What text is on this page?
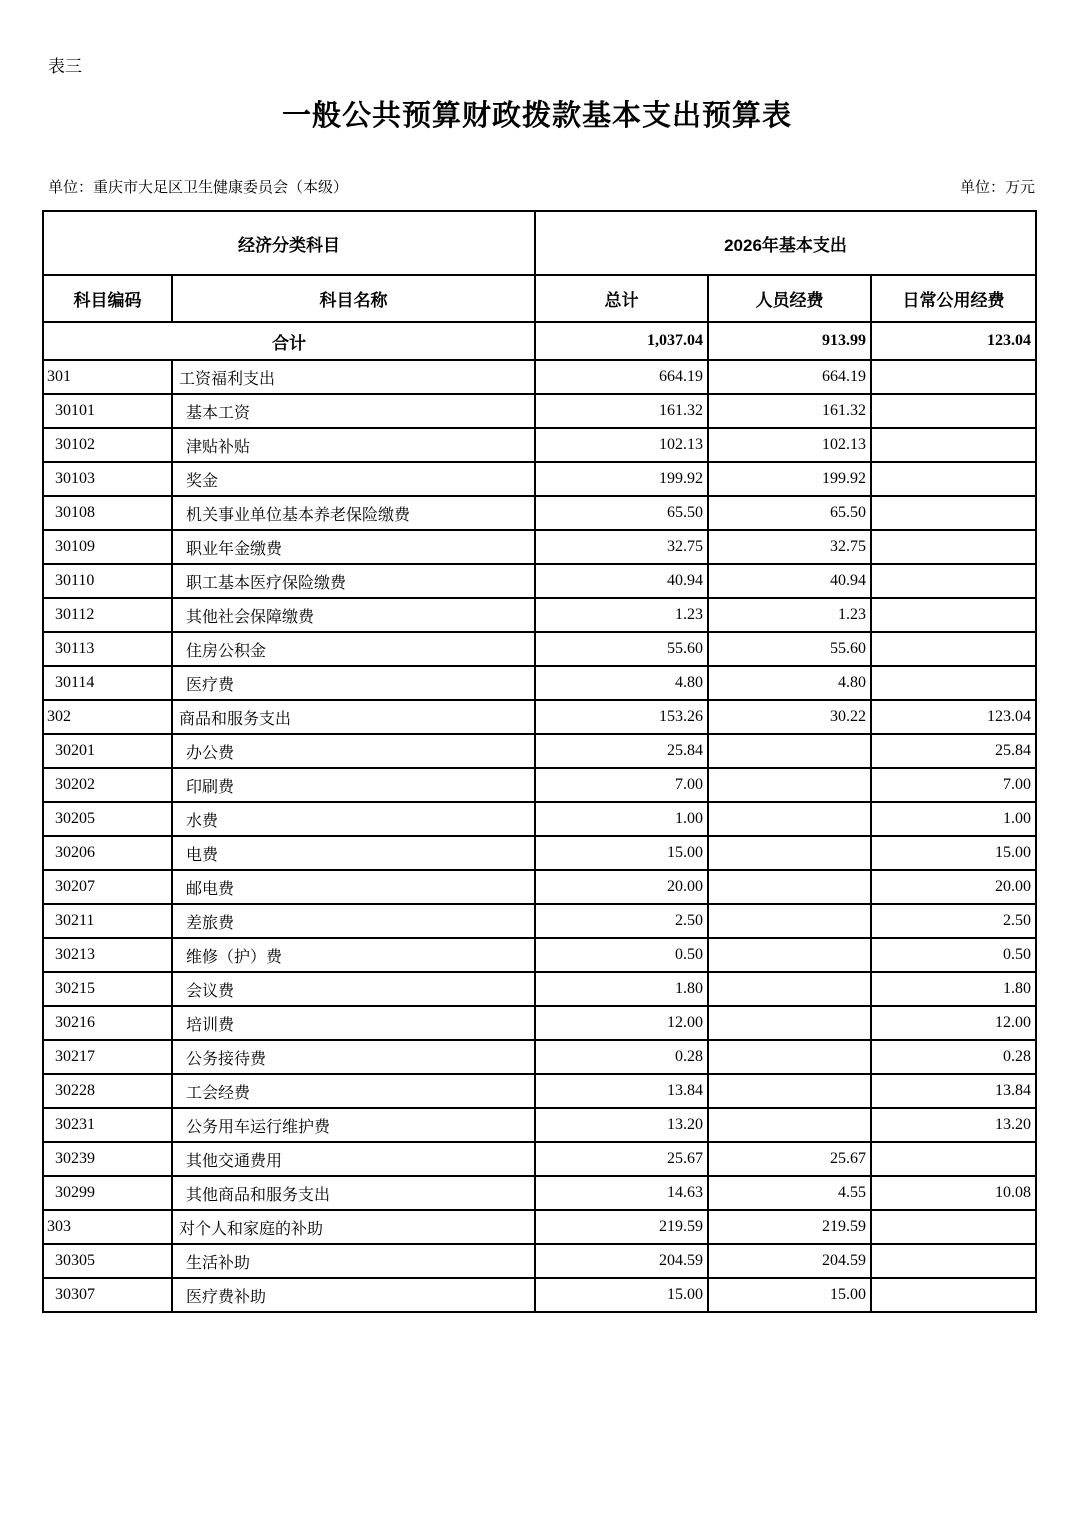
表三
一般公共预算财政拨款基本支出预算表
单位：重庆市大足区卫生健康委员会（本级）	单位：万元
经济分类科目		2026年基本支出		
科目编码	科目名称	总计	人员经费	日常公用经费
合计		1,037.04	913.99	123.04
301	工资福利支出	664.19	664.19	
30101	基本工资	161.32	161.32	
30102	津贴补贴	102.13	102.13	
30103	奖金	199.92	199.92	
30108	机关事业单位基本养老保险缴费	65.50	65.50	
30109	职业年金缴费	32.75	32.75	
30110	职工基本医疗保险缴费	40.94	40.94	
30112	其他社会保障缴费	1.23	1.23	
30113	住房公积金	55.60	55.60	
30114	医疗费	4.80	4.80	
302	商品和服务支出	153.26	30.22	123.04
30201	办公费	25.84		25.84
30202	印刷费	7.00		7.00
30205	水费	1.00		1.00
30206	电费	15.00		15.00
30207	邮电费	20.00		20.00
30211	差旅费	2.50		2.50
30213	维修（护）费	0.50		0.50
30215	会议费	1.80		1.80
30216	培训费	12.00		12.00
30217	公务接待费	0.28		0.28
30228	工会经费	13.84		13.84
30231	公务用车运行维护费	13.20		13.20
30239	其他交通费用	25.67	25.67	
30299	其他商品和服务支出	14.63	4.55	10.08
303	对个人和家庭的补助	219.59	219.59	
30305	生活补助	204.59	204.59	
30307	医疗费补助	15.00	15.00	
